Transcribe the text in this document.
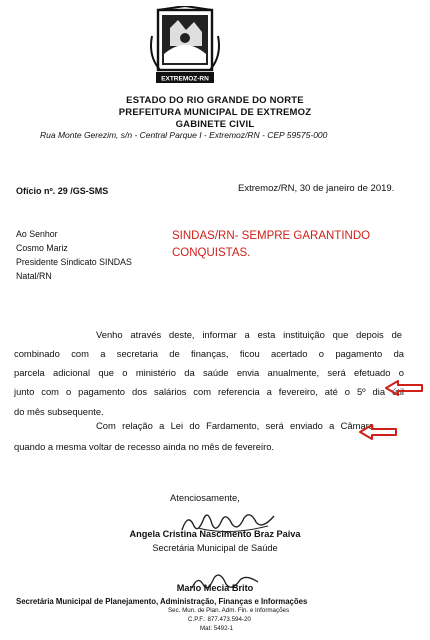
EXTREMOZ-RN
ESTADO DO RIO GRANDE DO NORTE
PREFEITURA MUNICIPAL DE EXTREMOZ
GABINETE CIVIL
Rua Monte Gerezim, s/n - Central Parque I - Extremoz/RN - CEP 59575-000
Ofício nº. 29 /GS-SMS	Extremoz/RN, 30 de janeiro de 2019.
Ao Senhor
Cosmo Mariz
Presidente Sindicato SINDAS
Natal/RN
SINDAS/RN- SEMPRE GARANTINDO
CONQUISTAS.
Venho através deste, informar a esta instituição que depois de
combinado com a secretaria de finanças, ficou acertado o pagamento da
parcela adicional que o ministério da saúde envia anualmente, será efetuado o
junto com o pagamento dos salários com referencia a fevereiro, até o 5º dia útil
do mês subsequente.
Com relação a Lei do Fardamento, será enviado a Câmara
quando a mesma voltar de recesso ainda no mês de fevereiro.
Atenciosamente,
Angela Cristina Nascimento Braz Paiva
Secretária Municipal de Saúde
Mario Mecia Brito
Secretária Municipal de Planejamento, Administração, Finanças e Informações
Sec. Mun. de Plan. Adm. Fin. e Informações
C.P.F.: 877.473.594-20
Mat: 5492-1
